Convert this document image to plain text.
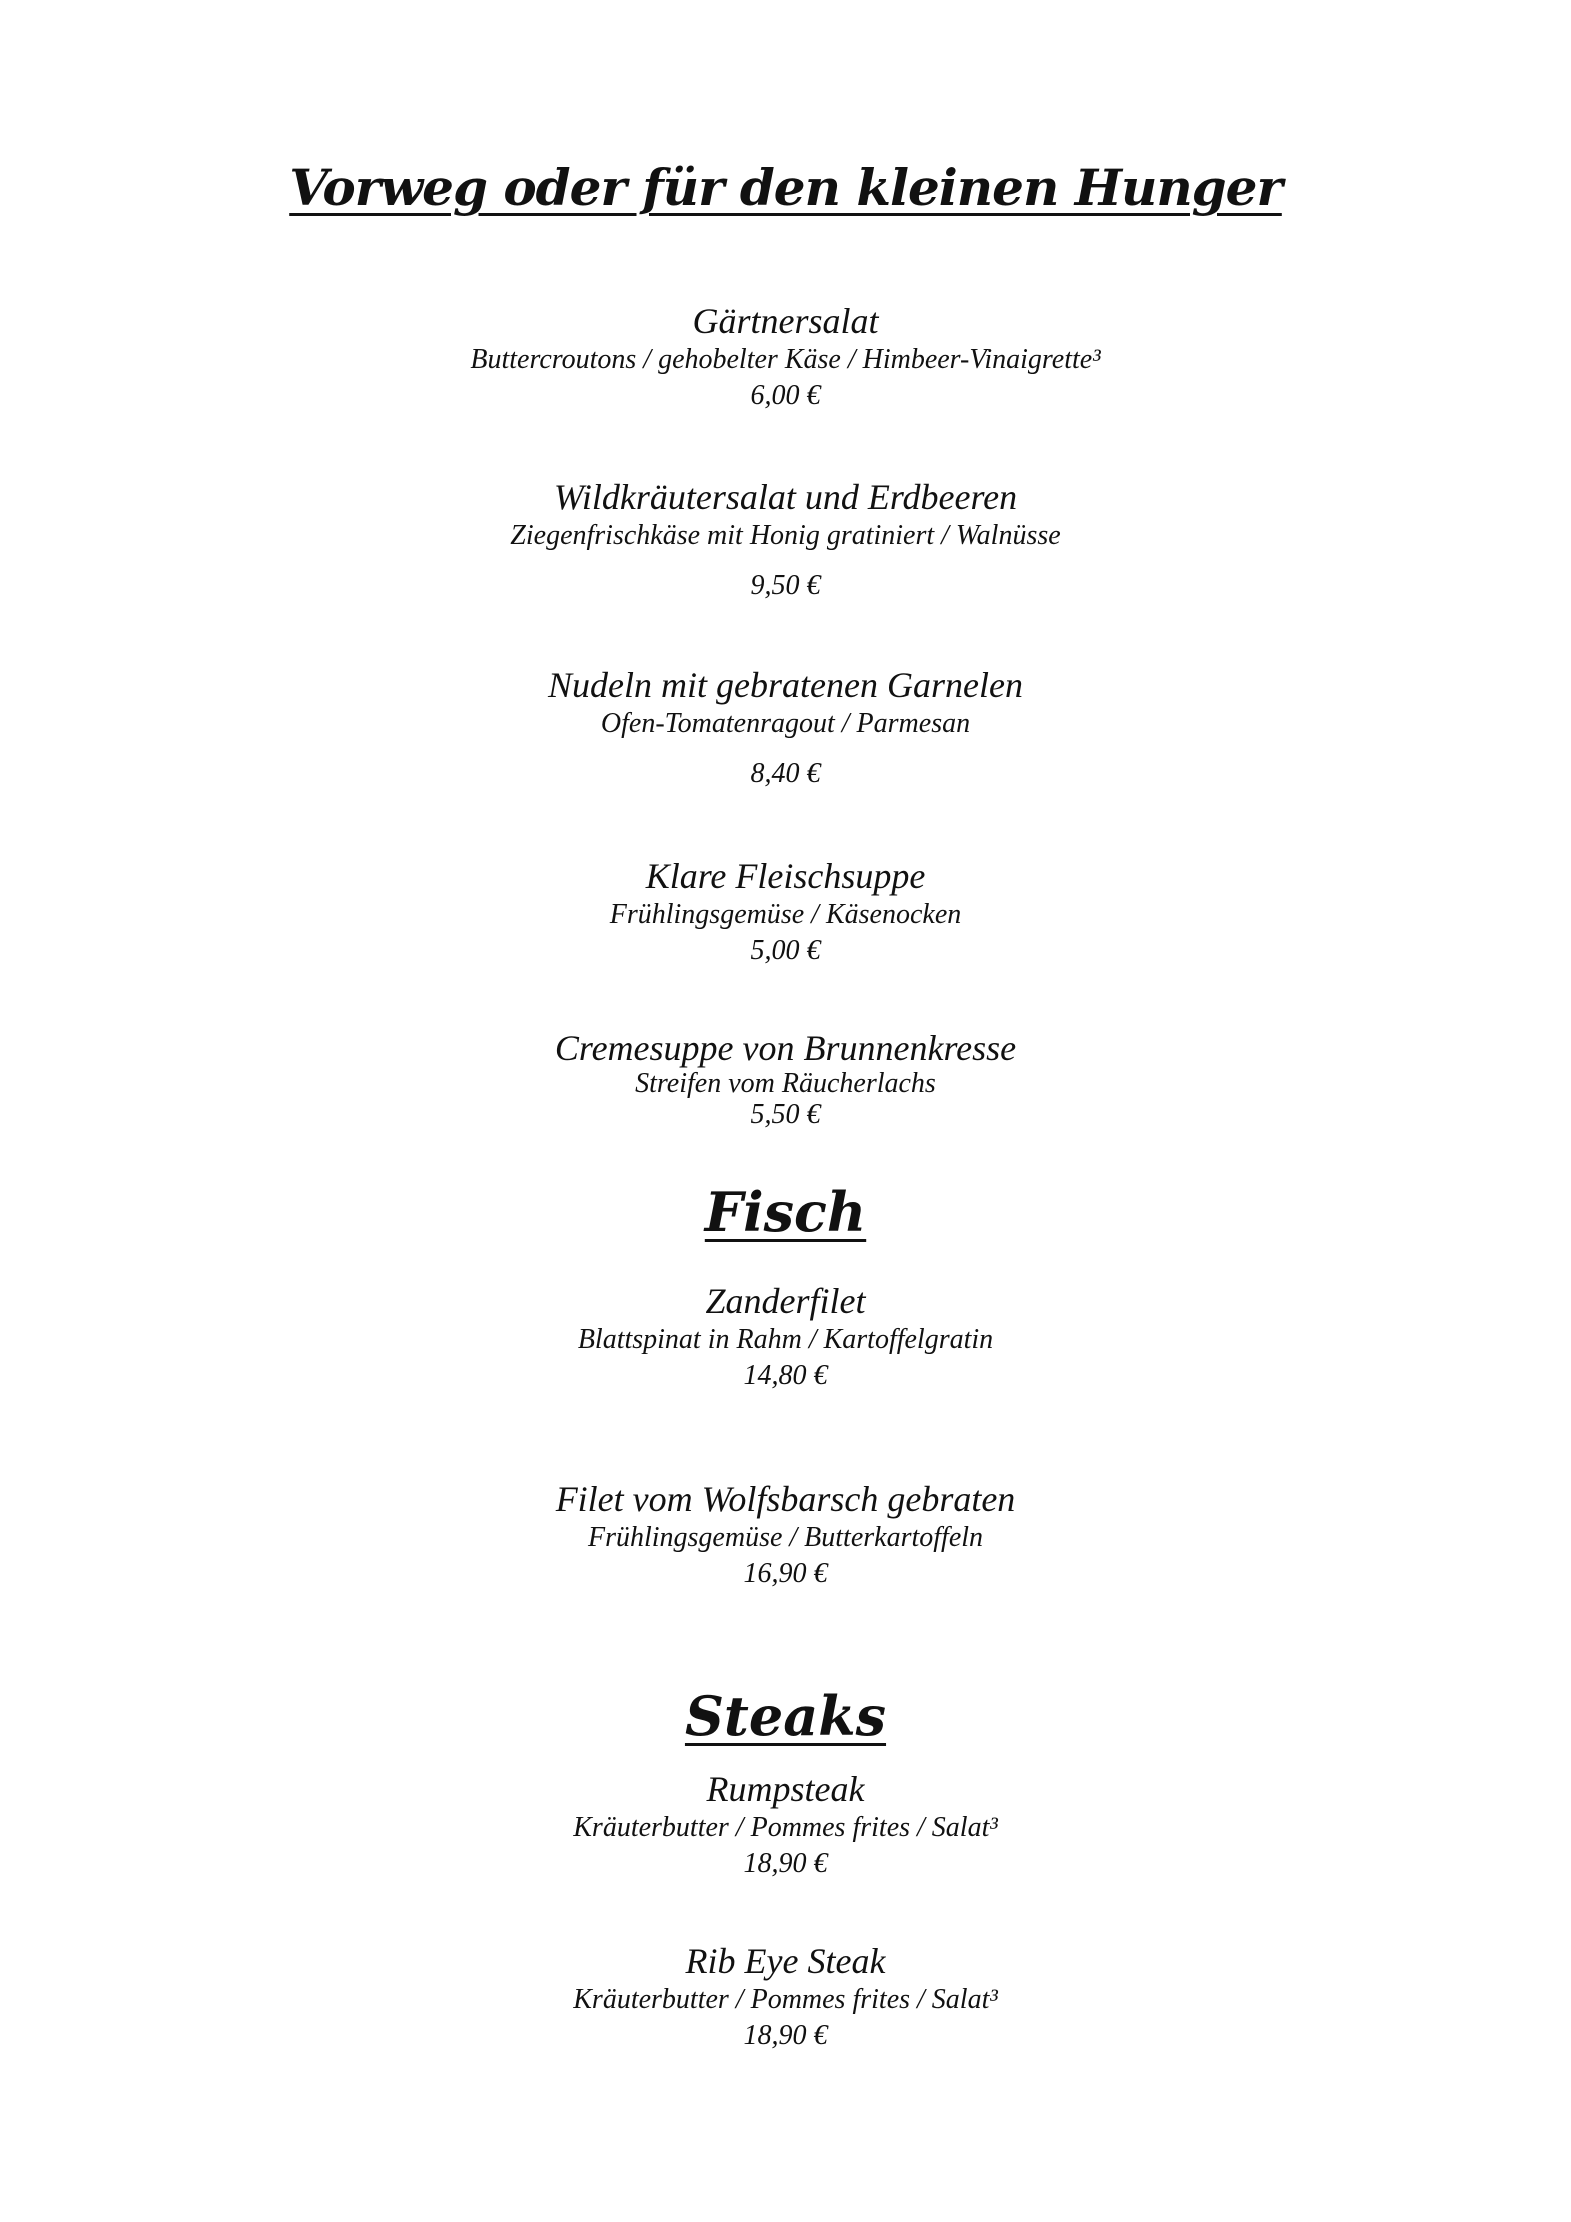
Vorweg oder für den kleinen Hunger
Gärtnersalat
Buttercroutons / gehobelter Käse / Himbeer-Vinaigrette³
6,00 €
Wildkräutersalat und Erdbeeren
Ziegenfrischkäse mit Honig gratiniert / Walnüsse
9,50 €
Nudeln mit gebratenen Garnelen
Ofen-Tomatenragout / Parmesan
8,40 €
Klare Fleischsuppe
Frühlingsgemüse / Käsenocken
5,00 €
Cremesuppe von Brunnenkresse
Streifen vom Räucherlachs
5,50 €
Fisch
Zanderfilet
Blattspinat in Rahm / Kartoffelgratin
14,80 €
Filet vom Wolfsbarsch gebraten
Frühlingsgemüse / Butterkartoffeln
16,90 €
Steaks
Rumpsteak
Kräuterbutter / Pommes frites / Salat³
18,90 €
Rib Eye Steak
Kräuterbutter / Pommes frites / Salat³
18,90 €
